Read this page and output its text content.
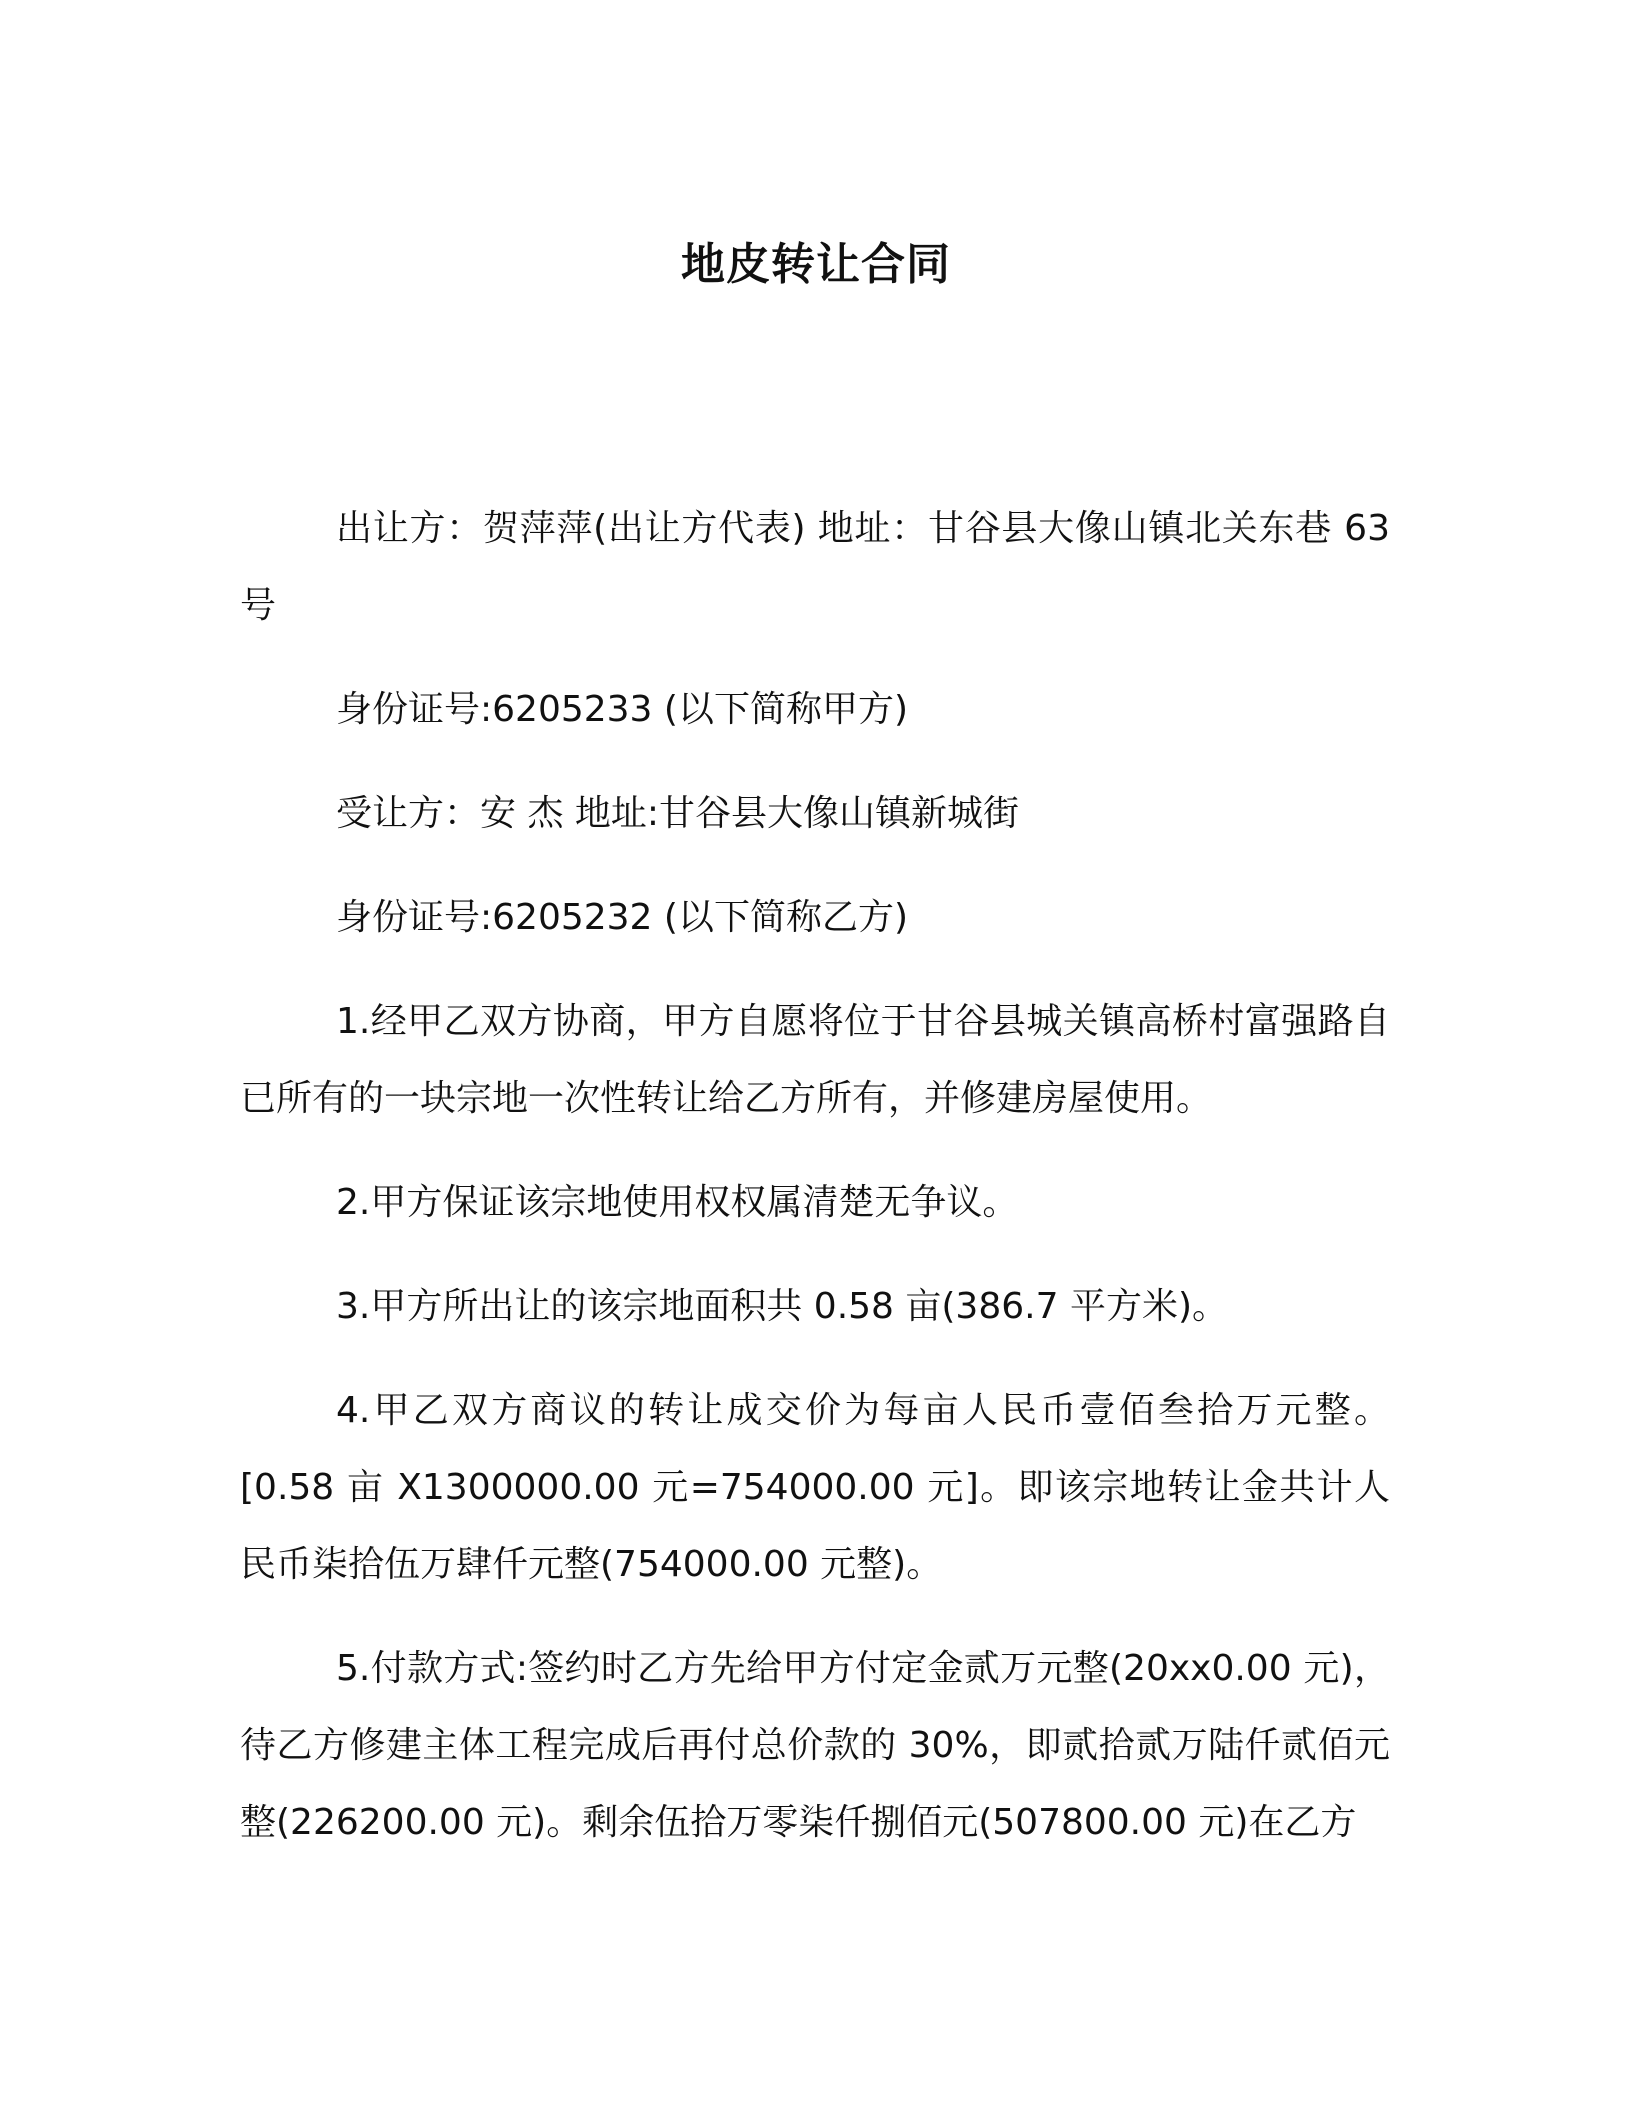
地皮转让合同

出让方：贺萍萍(出让方代表) 地址：甘谷县大像山镇北关东巷 63 号

身份证号:6205233 (以下简称甲方)

受让方：安 杰 地址:甘谷县大像山镇新城街

身份证号:6205232 (以下简称乙方)

1.经甲乙双方协商，甲方自愿将位于甘谷县城关镇高桥村富强路自已所有的一块宗地一次性转让给乙方所有，并修建房屋使用。

2.甲方保证该宗地使用权权属清楚无争议。

3.甲方所出让的该宗地面积共 0.58 亩(386.7 平方米)。

4.甲乙双方商议的转让成交价为每亩人民币壹佰叁拾万元整。[0.58 亩 X1300000.00 元=754000.00 元]。即该宗地转让金共计人民币柒拾伍万肆仟元整(754000.00 元整)。

5.付款方式:签约时乙方先给甲方付定金贰万元整(20xx0.00 元)，待乙方修建主体工程完成后再付总价款的 30%，即贰拾贰万陆仟贰佰元整(226200.00 元)。剩余伍拾万零柒仟捌佰元(507800.00 元)在乙方
